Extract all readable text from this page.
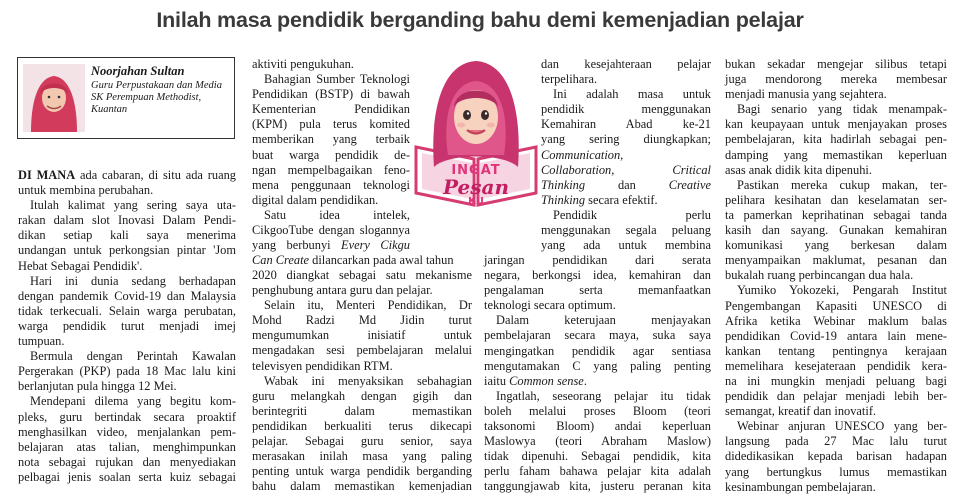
Inilah masa pendidik berganding bahu demi kemenjadian pelajar
Noorjahan Sultan
Guru Perpustakaan dan Media
SK Perempuan Methodist,
Kuantan
INGAT
Pesan
KU
DI MANA ada cabaran, di situ ada ruang
untuk membina perubahan.
Itulah kalimat yang sering saya uta-
rakan dalam slot Inovasi Dalam Pendi-
dikan setiap kali saya menerima
undangan untuk perkongsian pintar 'Jom
Hebat Sebagai Pendidik'.
Hari ini dunia sedang berhadapan
dengan pandemik Covid-19 dan Malaysia
tidak terkecuali. Selain warga perubatan,
warga pendidik turut menjadi imej
tumpuan.
Bermula dengan Perintah Kawalan
Pergerakan (PKP) pada 18 Mac lalu kini
berlanjutan pula hingga 12 Mei.
Mendepani dilema yang begitu kom-
pleks, guru bertindak secara proaktif
menghasilkan video, menjalankan pem-
belajaran atas talian, menghimpunkan
nota sebagai rujukan dan menyediakan
pelbagai jenis soalan serta kuiz sebagai
aktiviti pengukuhan.
Bahagian Sumber Teknologi
Pendidikan (BSTP) di bawah
Kementerian Pendidikan
(KPM) pula terus komited
memberikan yang terbaik
buat warga pendidik de-
ngan mempelbagaikan feno-
mena penggunaan teknologi
digital dalam pendidikan.
Satu idea intelek,
CikgooTube dengan slogannya
yang berbunyi Every Cikgu
Can Create dilancarkan pada awal tahun
2020 diangkat sebagai satu mekanisme
penghubung antara guru dan pelajar.
Selain itu, Menteri Pendidikan, Dr
Mohd Radzi Md Jidin turut
mengumumkan inisiatif untuk
mengadakan sesi pembelajaran melalui
televisyen pendidikan RTM.
Wabak ini menyaksikan sebahagian
guru melangkah dengan gigih dan
berintegriti dalam memastikan
pendidikan berkualiti terus dikecapi
pelajar. Sebagai guru senior, saya
merasakan inilah masa yang paling
penting untuk warga pendidik berganding
bahu dalam memastikan kemenjadian
dan kesejahteraan pelajar
terpelihara.
Ini adalah masa untuk
pendidik menggunakan
Kemahiran Abad ke-21
yang sering diungkapkan;
Communication,
Collaboration, Critical
Thinking dan Creative
Thinking secara efektif.
Pendidik perlu
menggunakan segala peluang
yang ada untuk membina
jaringan pendidikan dari serata
negara, berkongsi idea, kemahiran dan
pengalaman serta memanfaatkan
teknologi secara optimum.
Dalam keterujaan menjayakan
pembelajaran secara maya, suka saya
mengingatkan pendidik agar sentiasa
mengutamakan C yang paling penting
iaitu Common sense.
Ingatlah, seseorang pelajar itu tidak
boleh melalui proses Bloom (teori
taksonomi Bloom) andai keperluan
Maslowya (teori Abraham Maslow)
tidak dipenuhi. Sebagai pendidik, kita
perlu faham bahawa pelajar kita adalah
tanggungjawab kita, justeru peranan kita
bukan sekadar mengejar silibus tetapi
juga mendorong mereka membesar
menjadi manusia yang sejahtera.
Bagi senario yang tidak menampak-
kan keupayaan untuk menjayakan proses
pembelajaran, kita hadirlah sebagai pen-
damping yang memastikan keperluan
asas anak didik kita dipenuhi.
Pastikan mereka cukup makan, ter-
pelihara kesihatan dan keselamatan ser-
ta pamerkan keprihatinan sebagai tanda
kasih dan sayang. Gunakan kemahiran
komunikasi yang berkesan dalam
menyampaikan maklumat, pesanan dan
bukalah ruang perbincangan dua hala.
Yumiko Yokozeki, Pengarah Institut
Pengembangan Kapasiti UNESCO di
Afrika ketika Webinar maklum balas
pendidikan Covid-19 antara lain mene-
kankan tentang pentingnya kerajaan
memelihara kesejateraan pendidik kera-
na ini mungkin menjadi peluang bagi
pendidik dan pelajar menjadi lebih ber-
semangat, kreatif dan inovatif.
Webinar anjuran UNESCO yang ber-
langsung pada 27 Mac lalu turut
didedikasikan kepada barisan hadapan
yang bertungkus lumus memastikan
kesinambungan pembelajaran.
